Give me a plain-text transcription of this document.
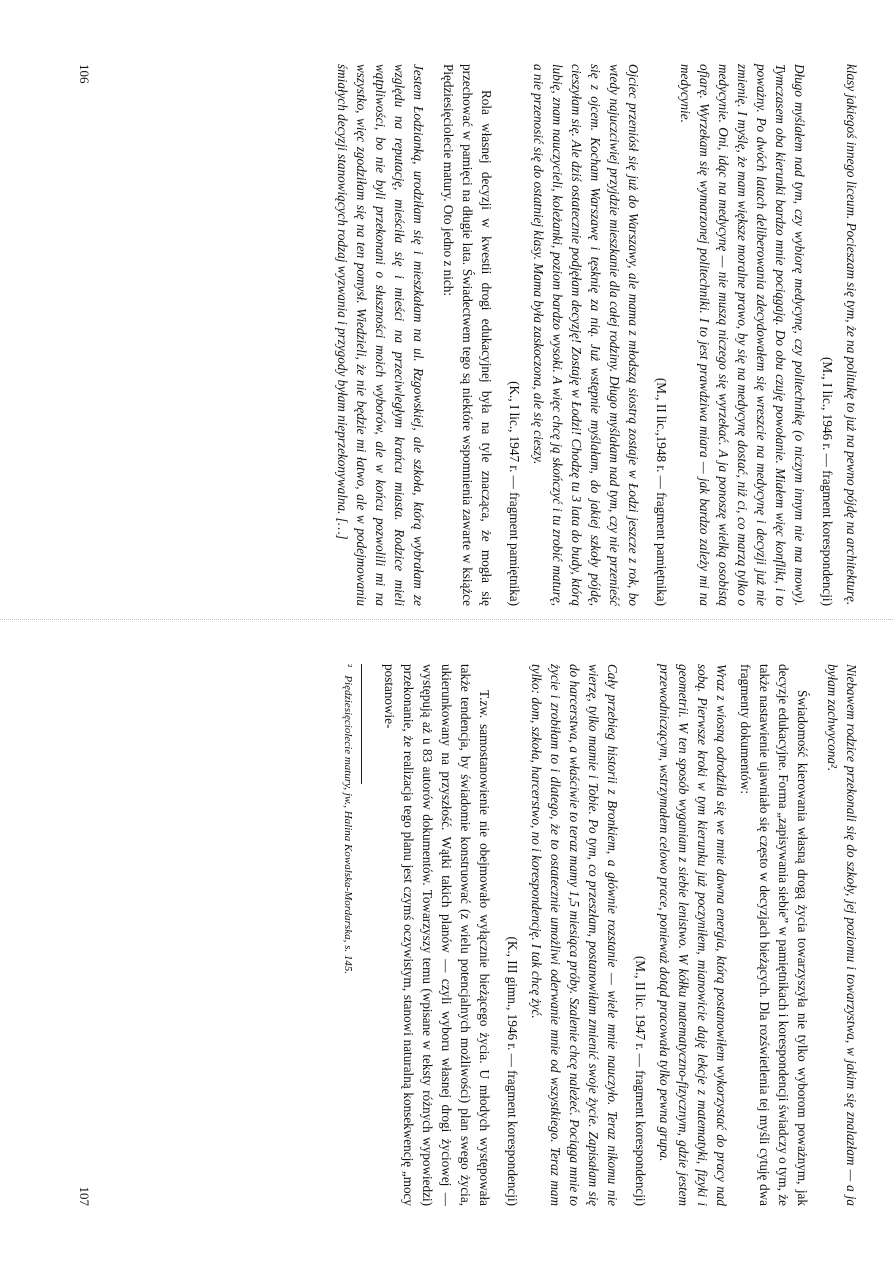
klasy jakiegoś innego liceum. Pocieszam się tym, że na politukę to już na pewno pójdę na architekturę.

(M., I lic., 1946 r. — fragment korespondencji)

Długo myślałem nad tym, czy wybiorę medycynę, czy politechnikę (o niczym innym nie ma mowy). Tymczasem oba kierunki bardzo mnie pociągają. Do obu czuję powołanie. Miałem więc konflikt, i to poważny. Po dwóch latach deliberowania zdecydowałem się wreszcie na medycynę i decyzji już nie zmienię. I myślę, że mam większe moralne prawo, by się na medycynę dostać, niż ci, co marzą tylko o medycynie. Oni, idąc na medycynę — nie muszą niczego się wyrzekać. A ja ponoszę wielką osobistą ofiarę. Wyrzekam się wymarzonej politechniki. I to jest prawdziwa miara — jak bardzo zależy mi na medycynie.

(M., II lic.,1948 r. — fragment pamiętnika)

Ojciec przeniósł się już do Warszawy, ale mama z młodszą siostrą zostaje w Łodzi jeszcze z rok, bo wtedy najuczciwiej przyjdzie mieszkanie dla całej rodziny. Długo myślałam nad tym, czy nie przenieść się z ojcem. Kocham Warszawę i tęsknię za nią. Już wstępnie myślałam, do jakiej szkoły pójdę, cieszyłam się. Ale dziś ostatecznie podjęłam decyzję! Zostaję w Łodzi! Chodzę tu 3 lata do budy, którą lubię, znam nauczycieli, koleżanki, poziom bardzo wysoki. A więc chcę ją skończyć i tu zrobić maturę, a nie przenosić się do ostatniej klasy. Mama była zaskoczona, ale się cieszy.

(K., I lic., 1947 r. — fragment pamiętnika)

Rola własnej decyzji w kwestii drogi edukacyjnej była na tyle znacząca, że mogła się przechować w pamięci na długie lata. Świadectwem tego są niektóre wspomnienia zawarte w książce Piędziesięciolecie matury. Oto jedno z nich:

Jestem Łodzianką, urodziłam się i mieszkałam na ul. Rzgowskiej, ale szkoła, którą wybrałam ze względu na reputację, mieściła się i mieści na przeciwległym krańcu miasta. Rodzice mieli wątpliwości, bo nie byli przekonani o słuszności moich wyborów, ale w końcu pozwolili mi na wszystko, więc zgodziłam się na ten pomysł. Wiedzieli, że nie będzie mi łatwo, ale w podejmowaniu śmiałych decyzji stanowiących rodzaj wyzwania i przygody byłam nieprzekonywalna. […]

106

Niebawem rodzice przekonali się do szkoły, jej poziomu i towarzystwa, w jakim się znalazłam — a ja byłam zachwycona².

Świadomość kierowania własną drogą życia towarzyszyła nie tylko wyborom poważnym, jak decyzje edukacyjne. Forma „zapisywania siebie” w pamiętnikach i korespondencji świadczy o tym, że także nastawienie ujawniało się często w decyzjach bieżących. Dla rozświetlenia tej myśli cytuję dwa fragmenty dokumentów:

Wraz z wiosną odrodziła się we mnie dawna energia, którą postanowiłem wykorzystać do pracy nad sobą. Pierwsze kroki w tym kierunku już poczyniłem, mianowicie daję lekcje z matematyki, fizyki i geometrii. W ten sposób wyganiam z siebie lenistwo. W kółku matematyczno-fizycznym, gdzie jestem przewodniczącym, wstrzymałem celowo prace, ponieważ dotąd pracowała tylko pewna grupa.

(M., II lic. 1947 r. — fragment korespondencji)

Cały przebieg historii z Bronkiem, a głównie rozstanie — wiele mnie nauczyło. Teraz nikomu nie wierzę, tylko mamie i Tobie. Po tym, co przeszłam, postanowiłam zmienić swoje życie. Zapisałam się do harcerstwa, a właściwie to teraz mamy 1,5 miesiąca próby. Szalenie chcę należeć. Pociąga mnie to życie i zrobiłam to i dlatego, że to ostatecznie umożliwi oderwanie mnie od wszystkiego. Teraz mam tylko: dom, szkoła, harcerstwo, no i korespondencję. I tak chcę żyć.

(K., III gimn., 1946 r. — fragment korespondencji)

T.zw. samostanowienie nie obejmowało wyłącznie bieżącego życia. U młodych występowała także tendencja, by świadomie konstruować (z wielu potencjalnych możliwości) plan swego życia, ukierunkowany na przyszłość. Wątki takich planów — czyli wyboru własnej drogi życiowej — występują aż u 83 autorów dokumentów. Towarzyszy temu (wpisane w teksty różnych wypowiedzi) przekonanie, że realizacja tego planu jest czymś oczywistym, stanowi naturalną konsekwencję „mocy postanowie-

²Piędziesięciolecie matury, jw., Halina Kowalska-Mordarska, s. 145.

107
